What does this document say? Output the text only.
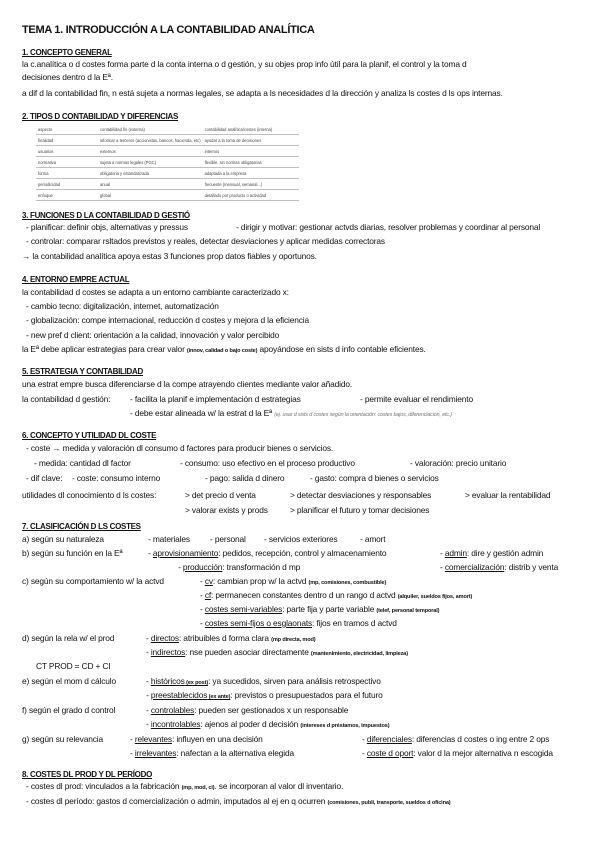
TEMA 1. INTRODUCCIÓN A LA CONTABILIDAD ANALÍTICA
1. CONCEPTO GENERAL
la c.analítica o d costes forma parte d la conta interna o d gestión, y su objes prop info útil para la planif, el control y la toma d
decisiones dentro d la Eª.
a dif d la contabilidad fin, n está sujeta a normas legales, se adapta a ls necesidades d la dirección y analiza ls costes d ls ops internas.
2. TIPOS D CONTABILIDAD Y DIFERENCIAS
aspecto	contabilidad fin (externa)	contabilidad analítica/costes (interna)
finalidad	informar a terceros (accionistas, bancos, hacienda, etc)	ayudar a la toma de decisiones
usuarios	externos	internos
normativa	sujeta a normas legales (PGC)	flexible, sin normas obligatorias
forma	obligatoria y estandarizada	adaptada a la empresa
periodicidad	anual	frecuente (mensual, semanal...)
enfoque	global	detallado por producto o actividad
3. FUNCIONES D LA CONTABILIDAD D GESTIÓ
- planificar: definir objs, alternativas y pressus	- dirigir y motivar: gestionar actvds diarias, resolver problemas y coordinar al personal
- controlar: comparar rsltados previstos y reales, detectar desviaciones y aplicar medidas correctoras
→ la contabilidad analítica apoya estas 3 funciones prop datos fiables y oportunos.
4. ENTORNO EMPRE ACTUAL
la contabilidad d costes se adapta a un entorno cambiante caracterizado x:
- cambio tecno: digitalización, internet, automatización
- globalización: compe internacional, reducción d costes y mejora d la eficiencia
- new pref d client: orientación a la calidad, innovación y valor percibido
la Eª debe aplicar estrategias para crear valor (innov, calidad o bajo coste) apoyándose en sists d info contable eficientes.
5. ESTRATEGIA Y CONTABILIDAD
una estrat empre busca diferenciarse d la compe atrayendo clientes mediante valor añadido.
la contabilidad d gestión: - facilita la planif e implementación d estrategias	- permite evaluar el rendimiento
- debe estar alineada w/ la estrat d la Eª (ej. usar d sists d costes según la orientación: costes bajos, diferenciación, etc.)
6. CONCEPTO Y UTILIDAD DL COSTE
- coste → medida y valoración dl consumo d factores para producir bienes o servicios.
- medida: cantidad dl factor	- consumo: uso efectivo en el proceso productivo	- valoración: precio unitario
- dif clave: - coste: consumo interno	- pago: salida d dinero	- gasto: compra d bienes o servicios
utilidades dl conocimiento d ls costes:	> det precio d venta	> detectar desviaciones y responsables	> evaluar la rentabilidad
> valorar exists y prods	> planificar el futuro y tomar decisiones
7. CLASIFICACIÓN D LS COSTES
a) según su naturaleza	- materiales - personal - servicios exteriores	- amort
b) según su función en la Eª	- aprovisionamiento: pedidos, recepción, control y almacenamiento	- admin: dire y gestión admin
- producción: transformación d mp	- comercialización: distrib y venta
c) según su comportamiento w/ la actvd	- cv: cambian prop w/ la actvd (mp, comisiones, combustible)
- cf: permanecen constantes dentro d un rango d actvd (alquiler, sueldos fijos, amort)
- costes semi-variables: parte fija y parte variable (telef, personal temporal)
- costes semi-fijos o esglaonats: fijos en tramos d actvd
d) según la rela w/ el prod	- directos: atribuibles d forma clara (mp directa, mod)
- indirectos: nse pueden asociar directamente (mantenimiento, electricidad, limpieza)
CT PROD = CD + CI
e) según el mom d cálculo	- históricos (ex post): ya sucedidos, sirven para análisis retrospectivo
- preestablecidos (ex ante): previstos o presupuestados para el futuro
f) según el grado d control	- controlables: pueden ser gestionados x un responsable
- incontrolables: ajenos al poder d decisión (intereses d préstamos, impuestos)
g) según su relevancia	- relevantes: influyen en una decisión	- diferenciales: diferencias d costes o ing entre 2 ops
- irrelevantes: nafectan a la alternativa elegida	- coste d oport: valor d la mejor alternativa n escogida
8. COSTES DL PROD Y DL PERÍODO
- costes dl prod: vinculados a la fabricación (mp, mod, ci). se incorporan al valor dl inventario.
- costes dl período: gastos d comercialización o admin, imputados al ej en q ocurren (comisiones, publi, transporte, sueldos d oficina)
